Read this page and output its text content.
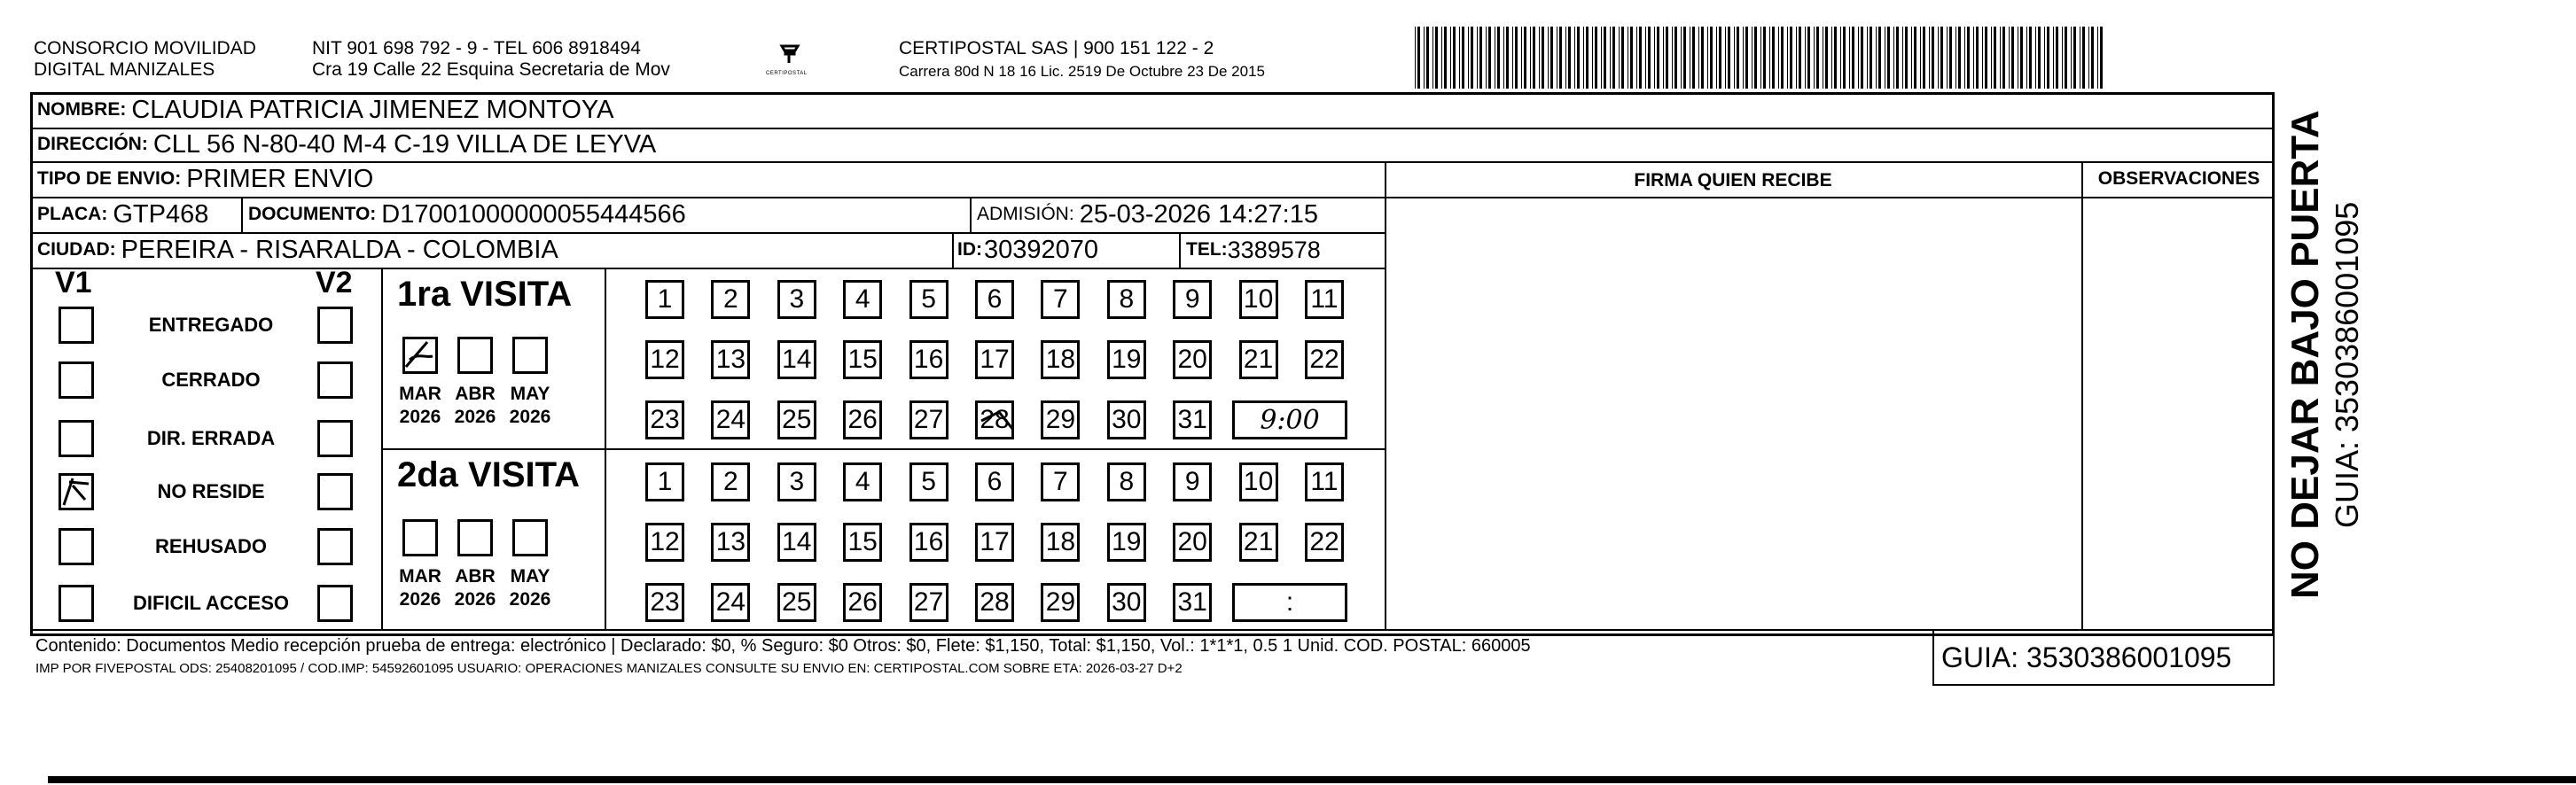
CONSORCIO MOVILIDAD
DIGITAL MANIZALES
NIT 901 698 792 - 9 - TEL 606 8918494
Cra 19 Calle 22 Esquina Secretaria de Mov	CERTIPOSTAL
CERTIPOSTAL SAS | 900 151 122 - 2
Carrera 80d N 18 16 Lic. 2519 De Octubre 23 De 2015
NOMBRE: CLAUDIA PATRICIA JIMENEZ MONTOYA
DIRECCIÓN: CLL 56 N-80-40 M-4 C-19 VILLA DE LEYVA
TIPO DE ENVIO: PRIMER ENVIO	FIRMA QUIEN RECIBE	OBSERVACIONES
PLACA: GTP468 DOCUMENTO: D17001000000055444566	ADMISIÓN: 25-03-2026 14:27:15
CIUDAD: PEREIRA - RISARALDA - COLOMBIA	ID: 30392070	TEL: 3389578
V1	V2
ENTREGADO
CERRADO
DIR. ERRADA
NO RESIDE
REHUSADO
DIFICIL ACCESO
1ra VISITA
MAR
2026
ABR
2026
MAY
2026
1	2	3	4	5	6	7	8	9	10 11
12 13 14 15 16 17 18 19 20 21 22
23 24 25 26 27 28 29 30 31	9:00
2da VISITA
MAR
2026
ABR
2026
MAY
2026
1	2	3	4	5	6	7	8	9	10 11
12 13 14 15 16 17 18 19 20 21 22
23 24 25 26 27 28 29 30 31	:
Contenido: Documentos Medio recepción prueba de entrega: electrónico | Declarado: $0, % Seguro: $0 Otros: $0, Flete: $1,150, Total: $1,150, Vol.: 1*1*1, 0.5 1 Unid. COD. POSTAL: 660005
IMP POR FIVEPOSTAL ODS: 25408201095 / COD.IMP: 54592601095 USUARIO: OPERACIONES MANIZALES CONSULTE SU ENVIO EN: CERTIPOSTAL.COM SOBRE ETA: 2026-03-27 D+2	GUIA: 3530386001095
NO DEJAR BAJO PUERTA GUIA: 3530386001095
